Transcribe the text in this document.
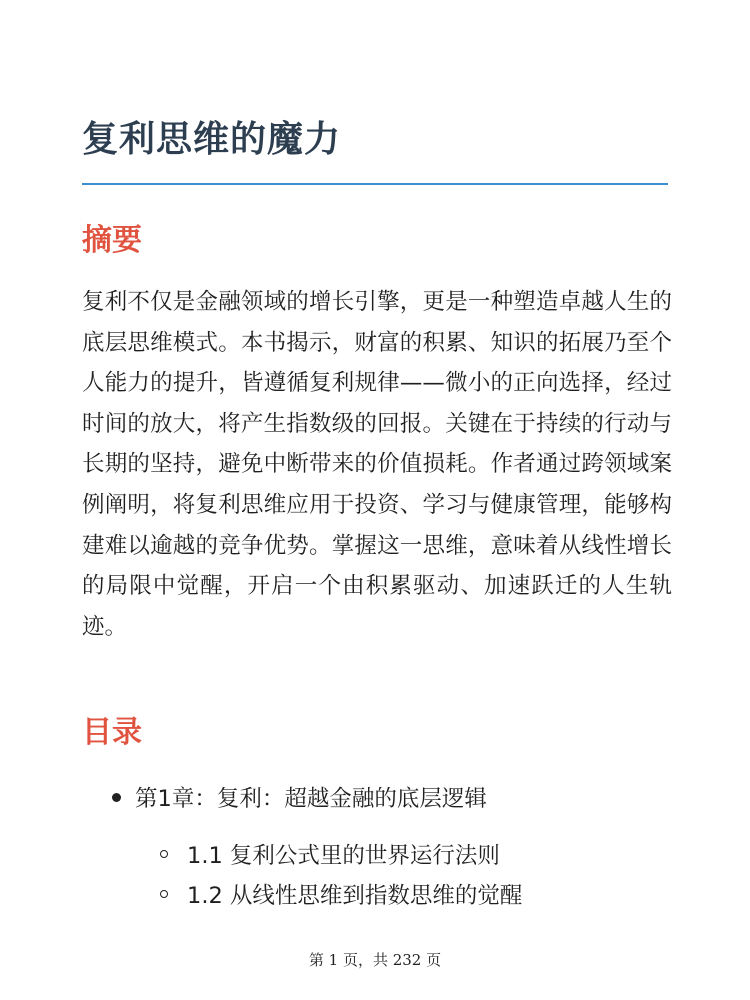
复利思维的魔力
摘要

复利不仅是金融领域的增长引擎，更是一种塑造卓越人生的底层思维模式。本书揭示，财富的积累、知识的拓展乃至个人能力的提升，皆遵循复利规律——微小的正向选择，经过时间的放大，将产生指数级的回报。关键在于持续的行动与长期的坚持，避免中断带来的价值损耗。作者通过跨领域案例阐明，将复利思维应用于投资、学习与健康管理，能够构建难以逾越的竞争优势。掌握这一思维，意味着从线性增长的局限中觉醒，开启一个由积累驱动、加速跃迁的人生轨迹。

目录
第1章：复利：超越金融的底层逻辑
1.1 复利公式里的世界运行法则
1.2 从线性思维到指数思维的觉醒
第 1 页，共 232 页
